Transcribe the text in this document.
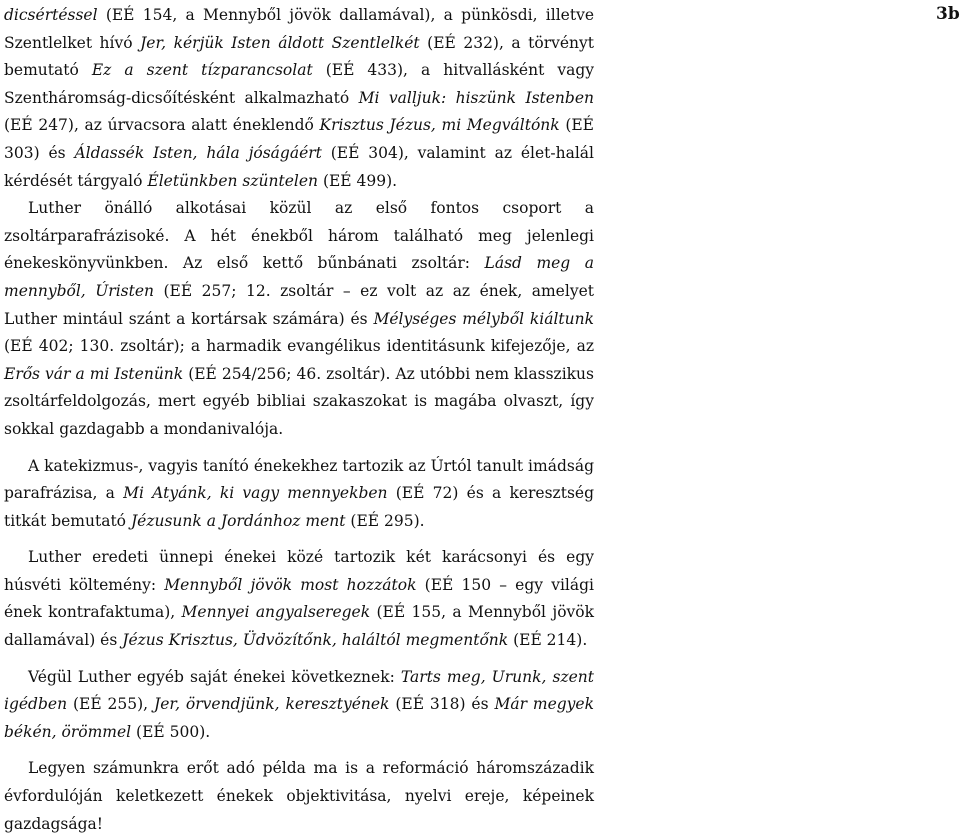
3b

dicsértéssel (EÉ 154, a Mennyből jövök dallamával), a pünkösdi, illetve Szentlelket hívó Jer, kérjük Isten áldott Szentlelkét (EÉ 232), a törvényt bemutató Ez a szent tízparancsolat (EÉ 433), a hitvallásként vagy Szentháromság-dicsőítésként alkalmazható Mi valljuk: hiszünk Istenben (EÉ 247), az úrvacsora alatt éneklendő Krisztus Jézus, mi Megváltónk (EÉ 303) és Áldassék Isten, hála jóságáért (EÉ 304), valamint az élet-halál kérdését tárgyaló Életünkben szüntelen (EÉ 499).

Luther önálló alkotásai közül az első fontos csoport a zsoltárparafrázisoké. A hét énekből három található meg jelenlegi énekeskönyvünkben. Az első kettő bűnbánati zsoltár: Lásd meg a mennyből, Úristen (EÉ 257; 12. zsoltár – ez volt az az ének, amelyet Luther mintául szánt a kortársak számára) és Mélységes mélyből kiáltunk (EÉ 402; 130. zsoltár); a harmadik evangélikus identitásunk kifejezője, az Erős vár a mi Istenünk (EÉ 254/256; 46. zsoltár). Az utóbbi nem klasszikus zsoltárfeldolgozás, mert egyéb bibliai szakaszokat is magába olvaszt, így sokkal gazdagabb a mondanivalója.

A katekizmus-, vagyis tanító énekekhez tartozik az Úrtól tanult imádság parafrázisa, a Mi Atyánk, ki vagy mennyekben (EÉ 72) és a keresztség titkát bemutató Jézusunk a Jordánhoz ment (EÉ 295).

Luther eredeti ünnepi énekei közé tartozik két karácsonyi és egy húsvéti költemény: Mennyből jövök most hozzátok (EÉ 150 – egy világi ének kontrafaktuma), Mennyei angyalseregek (EÉ 155, a Mennyből jövök dallamával) és Jézus Krisztus, Üdvözítőnk, haláltól megmentőnk (EÉ 214).

Végül Luther egyéb saját énekei következnek: Tarts meg, Urunk, szent igédben (EÉ 255), Jer, örvendjünk, keresztyének (EÉ 318) és Már megyek békén, örömmel (EÉ 500).

Legyen számunkra erőt adó példa ma is a reformáció háromszázadik évfordulóján keletkezett énekek objektivitása, nyelvi ereje, képeinek gazdagsága!
